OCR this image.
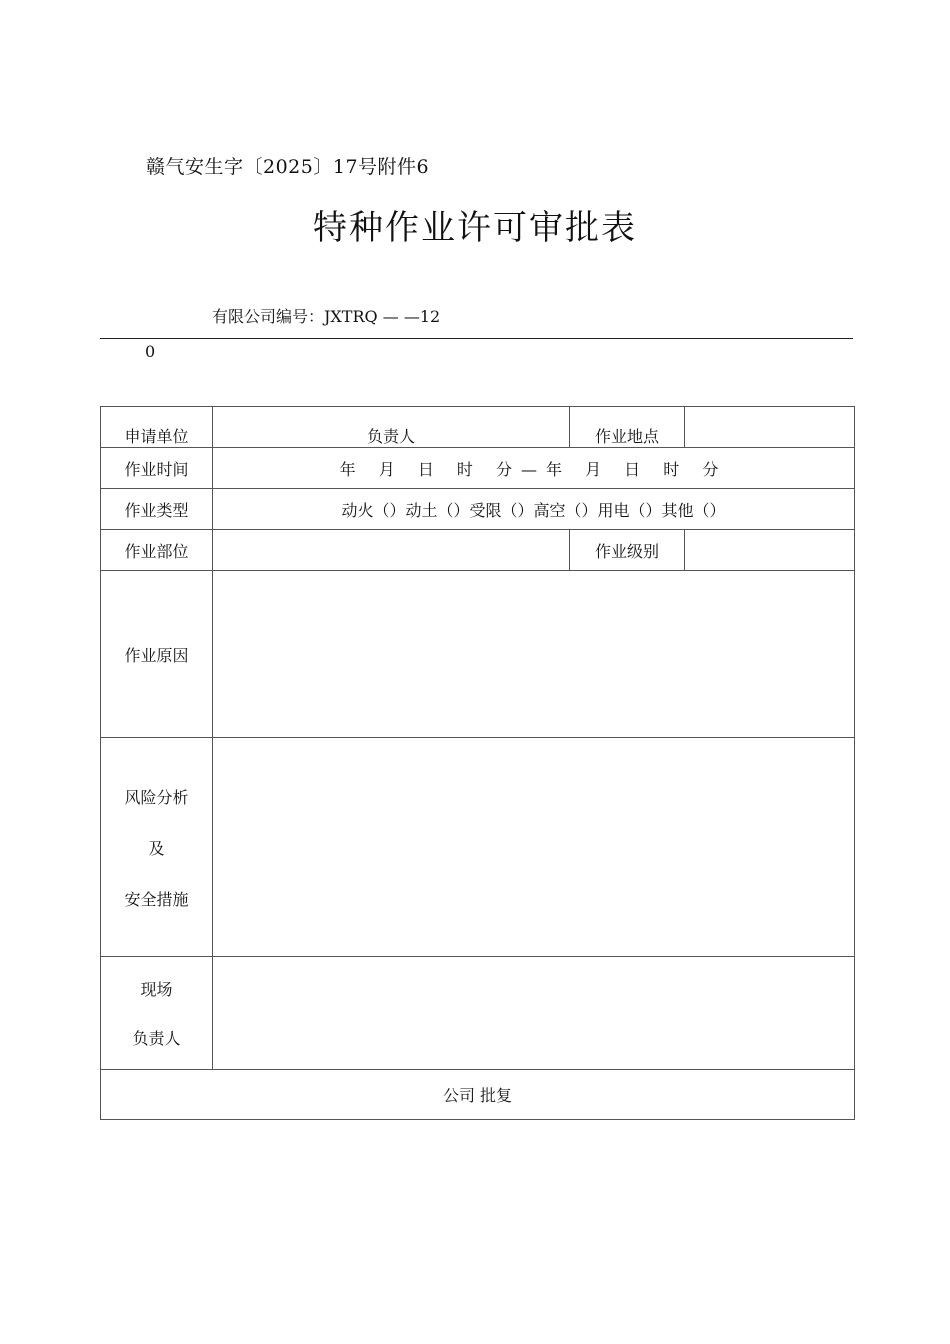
赣气安生字〔2025〕17号附件6
特种作业许可审批表
有限公司编号：JXTRQ — —12
0
申请单位	负责人	作业地点	
作业时间	年 月 日 时 分—年 月 日 时 分		
作业类型	动火（）动土（）受限（）高空（）用电（）其他（）		
作业部位		作业级别	
作业原因			

风险分析
及
安全措施			

现场
负责人			

公司 批复			
